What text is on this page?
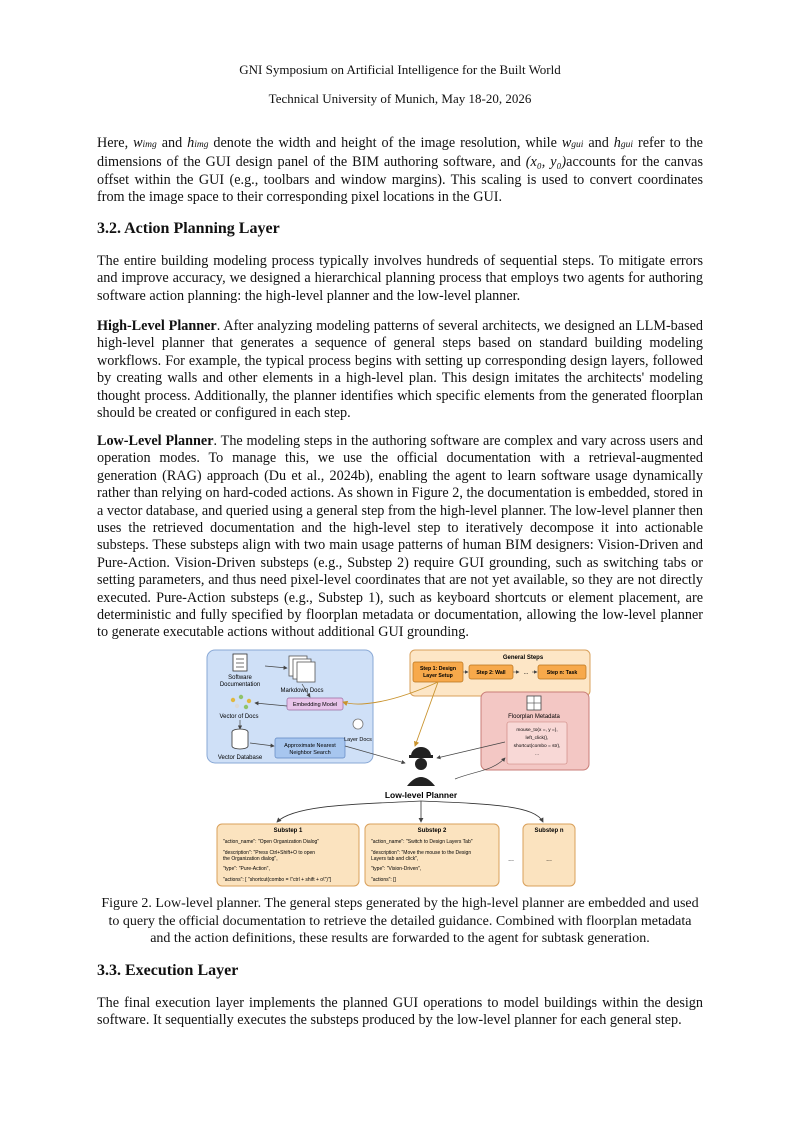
GNI Symposium on Artificial Intelligence for the Built World
Technical University of Munich, May 18-20, 2026
Here, wimg and himg denote the width and height of the image resolution, while wgui and hgui refer to the dimensions of the GUI design panel of the BIM authoring software, and (x₀, y₀)accounts for the canvas offset within the GUI (e.g., toolbars and window margins). This scaling is used to convert coordinates from the image space to their corresponding pixel locations in the GUI.
3.2. Action Planning Layer
The entire building modeling process typically involves hundreds of sequential steps. To mitigate errors and improve accuracy, we designed a hierarchical planning process that employs two agents for authoring software action planning: the high-level planner and the low-level planner.
High-Level Planner. After analyzing modeling patterns of several architects, we designed an LLM-based high-level planner that generates a sequence of general steps based on standard building modeling workflows. For example, the typical process begins with setting up corresponding design layers, followed by creating walls and other elements in a high-level plan. This design imitates the architects' modeling thought process. Additionally, the planner identifies which specific elements from the generated floorplan should be created or configured in each step.
Low-Level Planner. The modeling steps in the authoring software are complex and vary across users and operation modes. To manage this, we use the official documentation with a retrieval-augmented generation (RAG) approach (Du et al., 2024b), enabling the agent to learn software usage dynamically rather than relying on hard-coded actions. As shown in Figure 2, the documentation is embedded, stored in a vector database, and queried using a general step from the high-level planner. The low-level planner then uses the retrieved documentation and the high-level step to iteratively decompose it into actionable substeps. These substeps align with two main usage patterns of human BIM designers: Vision-Driven and Pure-Action. Vision-Driven substeps (e.g., Substep 2) require GUI grounding, such as switching tabs or setting parameters, and thus need pixel-level coordinates that are not yet available, so they are not directly executed. Pure-Action substeps (e.g., Substep 1), such as keyboard shortcuts or element placement, are deterministic and fully specified by floorplan metadata or documentation, allowing the low-level planner to generate executable actions without additional GUI grounding.
Software
Documentation
Markdown Docs
Embedding Model
Vector of Docs
Vector Database
Approximate Nearest
Neighbor Search
Layer Docs
General Steps
Step 1: Design
Layer Setup	Step 2: Wall	...	Step n: Task
Floorplan Metadata
mouse_to(x =, y =),
left_click(),
shortcut(combo = str),
...
Low-level Planner
Substep 1
"action_name": "Open Organization Dialog"
"description": "Press Ctrl+Shift+O to open
the Organization dialog",
"type": "Pure-Action",
"actions": [ "shortcut(combo = \"ctrl + shift + o\")"]
Substep 2
"action_name": "Switch to Design Layers Tab"
"description": "Move the mouse to the Design
Layers tab and click",
"type": "Vision-Driven",
"actions": []
...
Substep n
...
Figure 2. Low-level planner. The general steps generated by the high-level planner are embedded and used to query the official documentation to retrieve the detailed guidance. Combined with floorplan metadata and the action definitions, these results are forwarded to the agent for subtask generation.
3.3. Execution Layer
The final execution layer implements the planned GUI operations to model buildings within the design software. It sequentially executes the substeps produced by the low-level planner for each general step.
